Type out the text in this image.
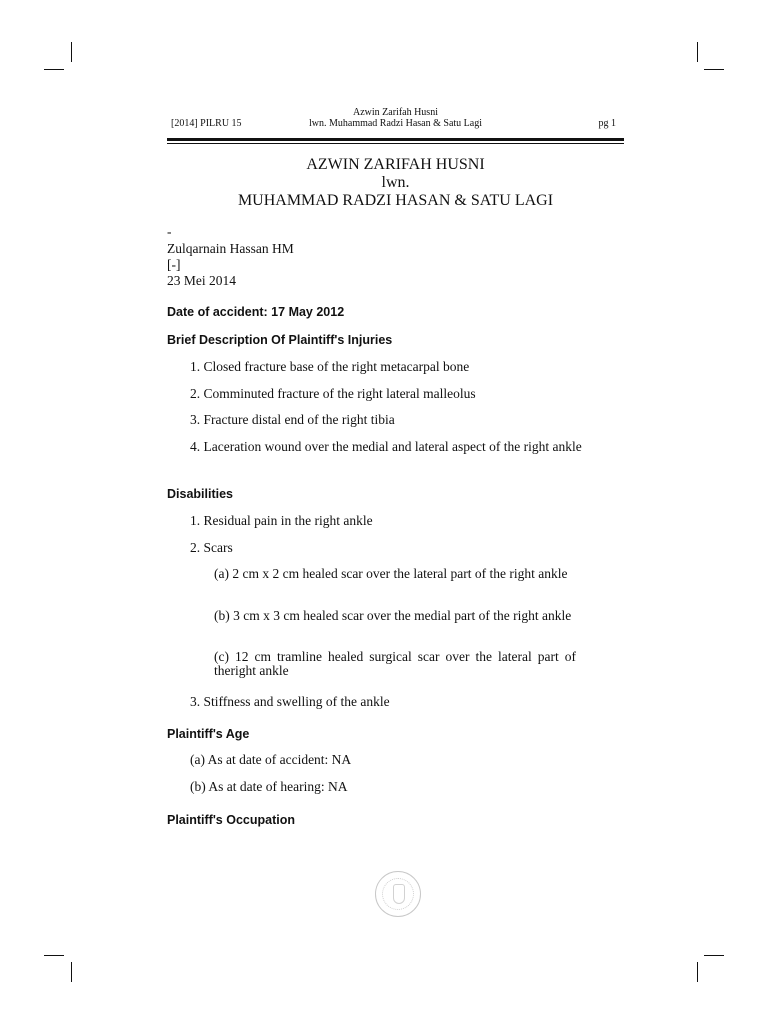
[2014] PILRU 15
Azwin Zarifah Husni
lwn. Muhammad Radzi Hasan & Satu Lagi	pg 1
AZWIN ZARIFAH HUSNI
lwn.
MUHAMMAD RADZI HASAN & SATU LAGI
-
Zulqarnain Hassan HM
[-]
23 Mei 2014
Date of accident: 17 May 2012
Brief Description Of Plaintiff's Injuries
1. Closed fracture base of the right metacarpal bone
2. Comminuted fracture of the right lateral malleolus
3. Fracture distal end of the right tibia
4. Laceration wound over the medial and lateral aspect of the right ankle
Disabilities
1. Residual pain in the right ankle
2. Scars
(a) 2 cm x 2 cm healed scar over the lateral part of the right ankle
(b) 3 cm x 3 cm healed scar over the medial part of the right ankle
(c) 12 cm tramline healed surgical scar over the lateral part of theright ankle
3. Stiffness and swelling of the ankle
Plaintiff's Age
(a) As at date of accident: NA
(b) As at date of hearing: NA
Plaintiff's Occupation
